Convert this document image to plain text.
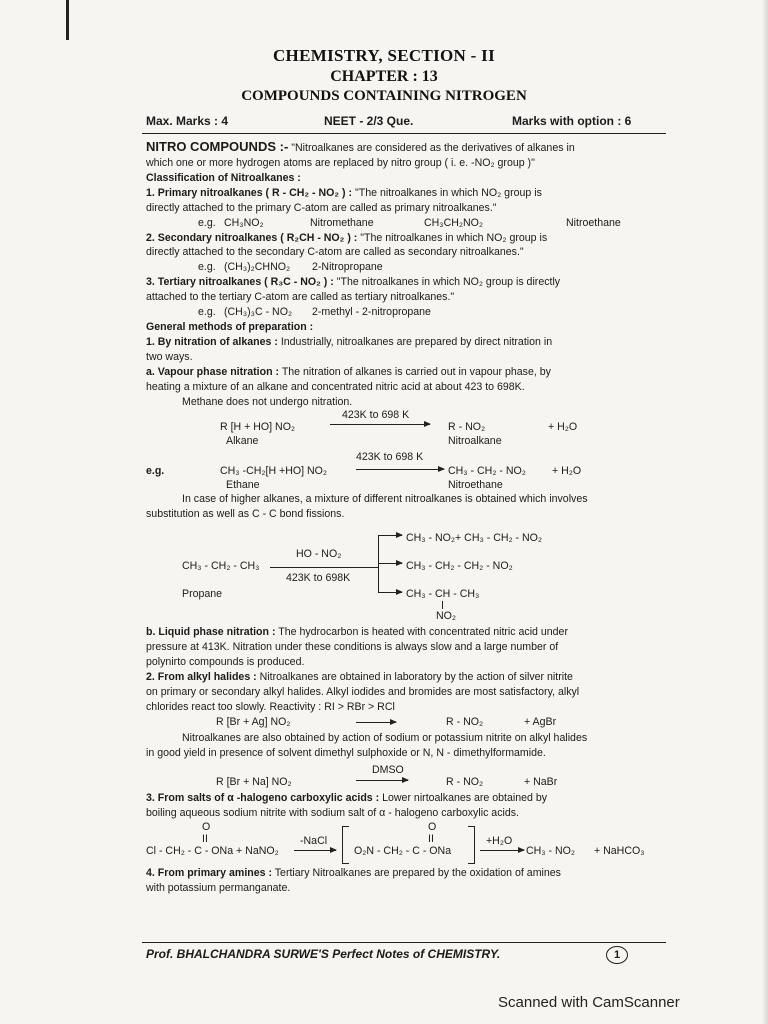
CHEMISTRY, SECTION - II
CHAPTER : 13
COMPOUNDS CONTAINING NITROGEN
Max. Marks : 4	NEET - 2/3 Que.	Marks with option : 6

NITRO COMPOUNDS :- "Nitroalkanes are considered as the derivatives of alkanes in

which one or more hydrogen atoms are replaced by nitro group ( i. e. -NO₂ group )"

Classification of Nitroalkanes :

1. Primary nitroalkanes ( R - CH₂ - NO₂ ) : "The nitroalkanes in which NO₂ group is

directly attached to the primary C-atom are called as primary nitroalkanes."

e.g. CH₃NO₂	Nitromethane	CH₃CH₂NO₂	Nitroethane

2. Secondary nitroalkanes ( R₂CH - NO₂ ) : "The nitroalkanes in which NO₂ group is

directly attached to the secondary C-atom are called as secondary nitroalkanes."

e.g. (CH₃)₂CHNO₂ 2-Nitropropane

3. Tertiary nitroalkanes ( R₃C - NO₂ ) : "The nitroalkanes in which NO₂ group is directly

attached to the tertiary C-atom are called as tertiary nitroalkanes."

e.g. (CH₃)₃C - NO₂ 2-methyl - 2-nitropropane

General methods of preparation :

1. By nitration of alkanes : Industrially, nitroalkanes are prepared by direct nitration in

two ways.

a. Vapour phase nitration : The nitration of alkanes is carried out in vapour phase, by

heating a mixture of an alkane and concentrated nitric acid at about 423 to 698K.

Methane does not undergo nitration.

423K to 698 K
R [H + HO] NO₂	R - NO₂	+ H₂O
Alkane	Nitroalkane
e.g.
423K to 698 K
CH₃ -CH₂[H +HO] NO₂	CH₃ - CH₂ - NO₂ + H₂O
Ethane	Nitroethane

In case of higher alkanes, a mixture of different nitroalkanes is obtained which involves

substitution as well as C - C bond fissions.

CH₃ - NO₂+ CH₃ - CH₂ - NO₂
HO - NO₂
CH₃ - CH₂ - CH₃	CH₃ - CH₂ - CH₂ - NO₂
423K to 698K
Propane	CH₃ - CH - CH₃
NO₂

b. Liquid phase nitration : The hydrocarbon is heated with concentrated nitric acid under

pressure at 413K. Nitration under these conditions is always slow and a large number of

polynirto compounds is produced.

2. From alkyl halides : Nitroalkanes are obtained in laboratory by the action of silver nitrite

on primary or secondary alkyl halides. Alkyl iodides and bromides are most satisfactory, alkyl

chlorides react too slowly. Reactivity : RI > RBr > RCl

R [Br + Ag] NO₂	R - NO₂	+ AgBr

Nitroalkanes are also obtained by action of sodium or potassium nitrite on alkyl halides

in good yield in presence of solvent dimethyl sulphoxide or N, N - dimethylformamide.

DMSO
R [Br + Na] NO₂	R - NO₂	+ NaBr

3. From salts of α -halogeno carboxylic acids : Lower nirtoalkanes are obtained by

boiling aqueous sodium nitrite with sodium salt of α - halogeno carboxylic acids.

O
II
Cl - CH₂ - C - ONa + NaNO₂
-NaCl
O
II
O₂N - CH₂ - C - ONa
+H₂O
CH₃ - NO₂ + NaHCO₃

4. From primary amines : Tertiary Nitroalkanes are prepared by the oxidation of amines

with potassium permanganate.

Prof. BHALCHANDRA SURWE'S Perfect Notes of CHEMISTRY.	1
Scanned with CamScanner
